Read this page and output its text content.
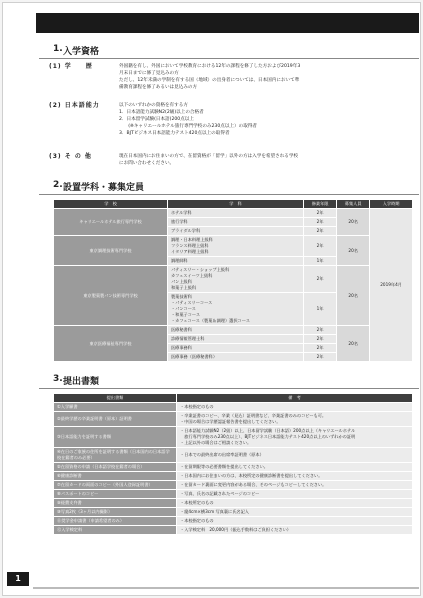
1. 入学資格
(1) 学　　歴	外国籍を有し、外国において学校教育における12年の課程を修了した方および2019年3
月末日までに修了見込みの方
ただし、12年未満の学制を有する国（地域）の出身者については、日本国内において準
備教育課程を修了あるいは見込みの方
(2) 日本語能力	以下のいずれかの資格を有する方
1．日本語能力試験N2(2級)以上の合格者
2．日本留学試験(日本語)200点以上
　　(※キャリエールホテル旅行専門学校のみ230点以上）の取得者
3．BJTビジネス日本語能力テスト420点以上の取得者
(3) そ の 他	現在日本国内にお住まいの方で、在留資格が「留学」以外の方は入学を希望される学校
にお問い合わせください。
2. 設置学科・募集定員
学　校	学　科	修業年限	募集人員	入学時期
キャリエールホテル旅行専門学校	ホテル学科	2年	20名	2019年4月
	旅行学科	2年		
	ブライダル学科	2年		
東京調理技術専門学校	調理・日本料理上級科
フランス料理上級科
イタリア料理上級科	2年	20名	
	調理師科	1年		
東京製菓製パン技術専門学校	パティスリー・ショップ上級科
カフェスイーツ上級科
パン上級科
和菓子上級科	2年	20名	
	製菓技術科
・パティスリーコース
・パンコース
・和菓子コース
・カフェコース（製菓＆調理）選択コース	1年		
東京医療福祉専門学校	医療秘書科	2年	20名	
	診療情報管理士科	2年		
	医療事務科	2年		
	医療事務（医療秘書科）	2年		
3. 提出書類
提出書類	備　考
①入学願書	・本校指定のもの
②最終学歴の卒業証明書（原本）証明書	・卒業証書のコピー、卒業（見込）証明書など、卒業証書のみのコピーも可。
・中国の場合は学歴認証報告書を提出してください。
③日本語能力を証明する書類	・日本語能力試験N2（2級）以上、日本留学試験（日本語）200点以上（キャリエールホテル
　旅行専門学校のみ230点以上）、BJTビジネス日本語能力テスト420点以上のいずれかの証明
・上記以外の場合はご相談ください。
④在日のご家族の住所を証明する書類（日本国内の日本語学校在籍者のみ必要）	・日本での最終出席の出席率証明書（原本）
⑤在留資格の申請（日本語学校在籍者の場合）	・在留期限等の必要書類を提出してください。
⑥健康診断書	・日本国内にお住まいの方は、本校所定の健康診断書を提出してください。
⑦在留カードの両面のコピー（外国人登録証明書）	・在留カード裏面に変更内容がある場合、そのページもコピーしてください。
⑧パスポートのコピー	・写真、氏名の記載されたページのコピー
⑨経費支弁書	・本校所定のもの
⑩写真2枚（3ヶ月以内撮影）	・縦4cm×横3cm 写真裏に氏名記入
⑪奨学金申請書（申請希望者のみ）	・本校指定のもの
⑫入学検定料	・入学検定料　20,000円（振込手数料はご負担ください）
1
